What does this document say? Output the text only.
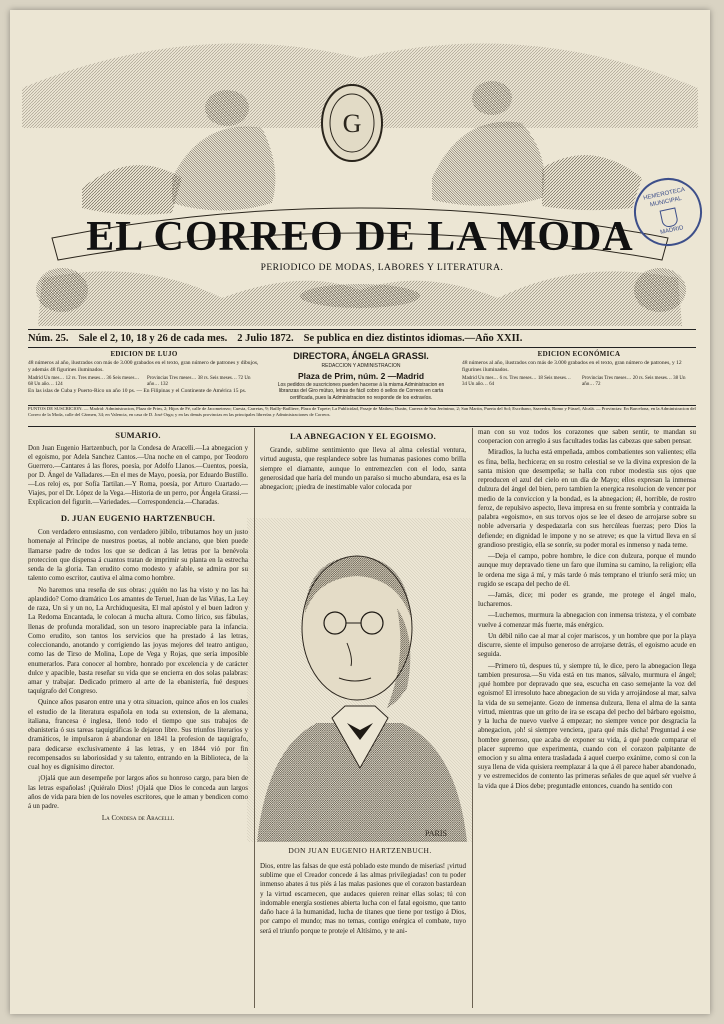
G
EL CORREO DE LA MODA
PERIODICO DE MODAS, LABORES Y LITERATURA.
HEMEROTECA MUNICIPAL
MADRID
Núm. 25. Sale el 2, 10, 18 y 26 de cada mes. 2 Julio 1872. Se publica en diez distintos idiomas.—Año XXII.
EDICION DE LUJO

48 números al año, ilustrados con más de 3.000 grabados en el texto, gran número de patrones y dibujos, y además 48 figurines iluminados.

Madrid Un mes… 12 rs. Tres meses… 36 Seis meses… 68 Un año… 124
Provincias Tres meses… 38 rs. Seis meses… 72 Un año… 132

En las islas de Cuba y Puerto-Rico un año 10 ps. — En Filipinas y el Continente de América 15 ps.

DIRECTORA, ÁNGELA GRASSI.
REDACCION Y ADMINISTRACION
Plaza de Prim, núm. 2 —Madrid
Los pedidos de suscriciones pueden hacerse á la misma Administracion en libranzas del Giro mútuo, letras de fácil cobro ó sellos de Correos en carta certificada, pues la Administracion no responde de los extravíos.
EDICION ECONÓMICA

48 números al año, ilustrados con más de 3.000 grabados en el texto, gran número de patrones, y 12 figurines iluminados.

Madrid Un mes… 6 rs. Tres meses… 18 Seis meses… 34 Un año… 64
Provincias Tres meses… 20 rs. Seis meses… 38 Un año… 72
PUNTOS DE SUSCRICION. — Madrid: Administracion, Plaza de Prim, 2; Hijos de Fé, calle de Jacometrezo; Cuesta, Carretas, 9; Bailly-Bailliere, Plaza de Topete; La Publicidad, Pasaje de Matheu; Durán, Carrera de San Jerónimo, 2; San Martin, Puerta del Sol; Escribano, Saavedra, Romo y Füssel, Alcalá. — Provincias: En Barcelona, en la Administracion del Correo de la Moda, calle del Cármen, 34; en Valencia, en casa de D. José Orga; y en las demás provincias en las principales librerías y Administraciones de Correos.
SUMARIO.

Don Juan Eugenio Hartzenbuch, por la Condesa de Aracelli.—La abnegacion y el egoismo, por Adela Sanchez Cantos.—Una noche en el campo, por Teodoro Guerrero.—Cantares á las flores, poesía, por Adolfo Llanos.—Cuentos, poesía, por D. Ángel de Valladares.—En el mes de Mayo, poesía, por Eduardo Bustillo.—Los reloj es, por Sofía Tartilan.—Y Roma, poesía, por Arturo Cuartado.—Viajes, por el Dr. López de la Vega.—Historia de un perro, por Ángela Grassi.—Explicacion del figurín.—Variedades.—Correspondencia.—Charadas.

D. JUAN EUGENIO HARTZENBUCH.

Con verdadero entusiasmo, con verdadero júbilo, tributamos hoy un justo homenaje al Príncipe de nuestros poetas, al noble anciano, que bien puede llamarse padre de todos los que se dedican á las letras por la benévola proteccion que dispensa á cuantos tratan de imprimir su planta en la estrecha senda de la gloria. Tan erudito como modesto y afable, se admira por su talento como escritor, cautiva el alma como hombre.

No haremos una reseña de sus obras: ¿quién no las ha visto y no las ha aplaudido? Como dramático Los amantes de Teruel, Juan de las Viñas, La Ley de raza, Un si y un no, La Archiduquesita, El mal apóstol y el buen ladron y La Redoma Encantada, le colocan á mucha altura. Como lírico, sus fábulas, llenas de profunda moralidad, son un tesoro inapreciable para la infancia. Como erudito, son tantos los servicios que ha prestado á las letras, coleccionando, anotando y corrigiendo las joyas mejores del teatro antiguo, como las de Tirso de Molina, Lope de Vega y Rojas, que sería imposible enumerarlos. Para conocer al hombre, honrado por excelencia y de carácter dulce y apacible, basta reseñar su vida que se encierra en dos solas palabras: amar y trabajar. Dedicado primero al arte de la ebanistería, fué despues taquígrafo del Congreso.

Quince años pasaron entre una y otra situacion, quince años en los cuales el estudio de la literatura española en toda su extension, de la alemana, italiana, francesa é inglesa, llenó todo el tiempo que sus trabajos de ebanistería ó sus tareas taquigráficas le dejaron libre. Sus triunfos literarios y dramáticos, le impulsaron á abandonar en 1841 la profesion de taquígrafo, para dedicarse exclusivamente á las letras, y en 1844 vió por fin recompensados su laboriosidad y su talento, entrando en la Biblioteca, de la cual hoy es dignísimo director.

¡Ojalá que aun desempeñe por largos años su honroso cargo, para bien de las letras españolas! ¡Quiéralo Dios! ¡Ojalá que Dios le conceda aun largos años de vida para bien de los noveles escritores, que le aman y bendicen como á un padre.

La Condesa de Aracelli.
LA ABNEGACION Y EL EGOISMO.

Grande, sublime sentimiento que lleva al alma celestial ventura, virtud augusta, que resplandece sobre las humanas pasiones como brilla siempre el diamante, aunque lo entremezclen con el lodo, santa generosidad que haría del mundo un paraíso si mucho abundara, esa es la abnegacion; ¡piedra de inestimable valor colocada por

PARIS
DON JUAN EUGENIO HARTZENBUCH.

Dios, entre las falsas de que está poblado este mundo de miserias! ¡virtud sublime que el Creador concede á las almas privilegiadas! con tu poder inmenso abates á tus piés á las malas pasiones que el corazon bastardean y la virtud escarnecen, que audaces quieren reinar ellas solas; tú con indomable energía sostienes abierta lucha con el fatal egoismo, que tanto daño hace á la humanidad, lucha de titanes que tiene por testigo á Dios, por campo el mundo; mas no temas, contigo enérgica el combate, tuyo será el triunfo porque te proteje el Altísimo, y te ani-

man con su voz todos los corazones que saben sentir, te mandan su cooperacion con arreglo á sus facultades todas las cabezas que saben pensar.

Miradlos, la lucha está empeñada, ambos combatientes son valientes; ella es fina, bella, hechicera; en su rostro celestial se ve la divina expresion de la santa mision que desempeña; se halla con rubor modestia sus ojos que reproducen el azul del cielo en un día de Mayo; ellos expresan la inmensa dulzura del ángel del bien, pero tambien la energica resolucion de vencer por medio de la conviccion y la bondad, es la abnegacion; él, horrible, de rostro feroz, de repulsivo aspecto, lleva impresa en su frente sombría y contraida la palabra «egoismo», en sus torvos ojos se lee el deseo de arrojarse sobre su noble adversaria y despedazarla con sus hercúleas fuerzas; pero Dios la defiende; en dignidad le impone y no se atreve; es que la virtud lleva en sí grandioso prestigio, ella se sonríe, su poder moral es inmenso y nada teme.

—Deja el campo, pobre hombre, le dice con dulzura, porque el mundo aunque muy depravado tiene un faro que ilumina su camino, la religion; ella le ordena me siga á mí, y más tarde ó más temprano el triunfo será mío; un rugido se escapa del pecho de él.

—Jamás, dice; mi poder es grande, me protege el ángel malo, lucharemos.

—Luchemos, murmura la abnegacion con inmensa tristeza, y el combate vuelve á comenzar más fuerte, más enérgico.

Un débil niño cae al mar al cojer mariscos, y un hombre que por la playa discurre, siente el impulso generoso de arrojarse detrás, el egoismo acude en seguida.

—Primero tú, despues tú, y siempre tú, le dice, pero la abnegacion llega tambien presurosa.—Su vida está en tus manos, sálvalo, murmura el ángel; ¡qué hombre por depravado que sea, escucha en caso semejante la voz del egoismo! El irresoluto hace abnegacion de su vida y arrojándose al mar, salva la vida de su semejante. Gozo de inmensa dulzura, llena el alma de la santa virtud, mientras que un grito de ira se escapa del pecho del bárbaro egoismo, y la lucha de nuevo vuelve á empezar; no siempre vence por desgracia la abnegacion, ¡oh! si siempre venciera, ¡para qué más dicha! Preguntad á ese hombre generoso, que acaba de exponer su vida, á qué puede comparar el placer supremo que experimenta, cuando con el corazon palpitante de emocion y su alma entera trasladada á aquel cuerpo exánime, como si con la suya llena de vida quisiera reemplazar á la que á él parece haber abandonado, y ve estremecidos de contento las primeras señales de que aquel sér vuelve á la vida que á Dios debe; preguntadle entonces, cuando ha sentido con
